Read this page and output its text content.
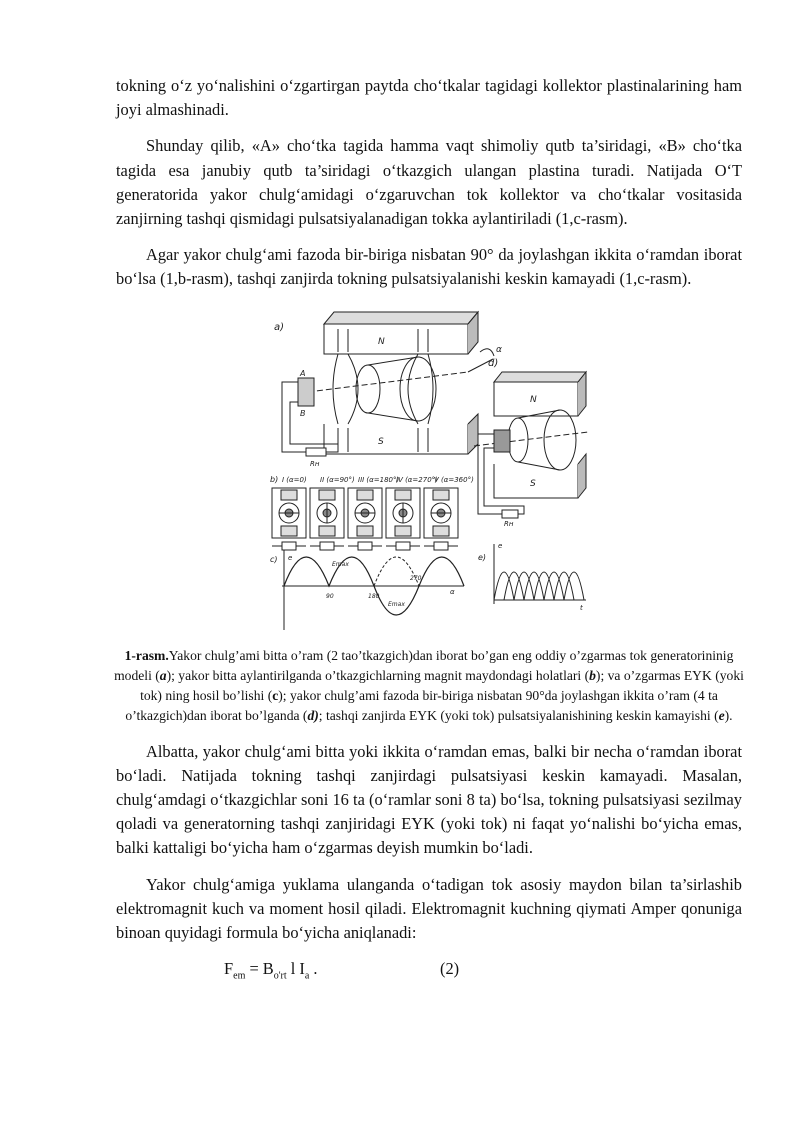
tokning o‘z yo‘nalishini o‘zgartirgan paytda cho‘tkalar tagidagi kollektor plastinalarining ham joyi almashinadi.

Shunday qilib, «A» cho‘tka tagida hamma vaqt shimoliy qutb ta’siridagi, «B» cho‘tka tagida esa janubiy qutb ta’siridagi o‘tkazgich ulangan plastina turadi. Natijada O‘T generatorida yakor chulg‘amidagi o‘zgaruvchan tok kollektor va cho‘tkalar vositasida zanjirning tashqi qismidagi pulsatsiyalanadigan tokka aylantiriladi (1,c-rasm).

Agar yakor chulg‘ami fazoda bir-biriga nisbatan 90° da joylashgan ikkita o‘ramdan iborat bo‘lsa (1,b-rasm), tashqi zanjirda tokning pulsatsiyalanishi keskin kamayadi (1,c-rasm).

a)
N
S
α
A
B
Rн
d)
N
S
Rн
b) I (α=0) II (α=90°) III (α=180°)
IV (α=270°)
V (α=360°)
c) e
α
90	180
270
Emax
Emax
e)
e
t
1-rasm.Yakor chulg’ami bitta o’ram (2 tao’tkazgich)dan iborat bo’gan eng oddiy o’zgarmas tok generatorininig modeli (a); yakor bitta aylantirilganda o’tkazgichlarning magnit maydondagi holatlari (b); va o’zgarmas EYK (yoki tok) ning hosil bo’lishi (c); yakor chulg’ami fazoda bir-biriga nisbatan 90°da joylashgan ikkita o’ram (4 ta o’tkazgich)dan iborat bo’lganda (d); tashqi zanjirda EYK (yoki tok) pulsatsiyalanishining keskin kamayishi (e).

Albatta, yakor chulg‘ami bitta yoki ikkita o‘ramdan emas, balki bir necha o‘ramdan iborat bo‘ladi. Natijada tokning tashqi zanjirdagi pulsatsiyasi keskin kamayadi. Masalan, chulg‘amdagi o‘tkazgichlar soni 16 ta (o‘ramlar soni 8 ta) bo‘lsa, tokning pulsatsiyasi sezilmay qoladi va generatorning tashqi zanjiridagi EYK (yoki tok) ni faqat yo‘nalishi bo‘yicha emas, balki kattaligi bo‘yicha ham o‘zgarmas deyish mumkin bo‘ladi.

Yakor chulg‘amiga yuklama ulanganda o‘tadigan tok asosiy maydon bilan ta’sirlashib elektromagnit kuch va moment hosil qiladi. Elektromagnit kuchning qiymati Amper qonuniga binoan quyidagi formula bo‘yicha aniqlanadi:

$F_{em} = B_{o'rt}$ l $I_a$ .	(2)
